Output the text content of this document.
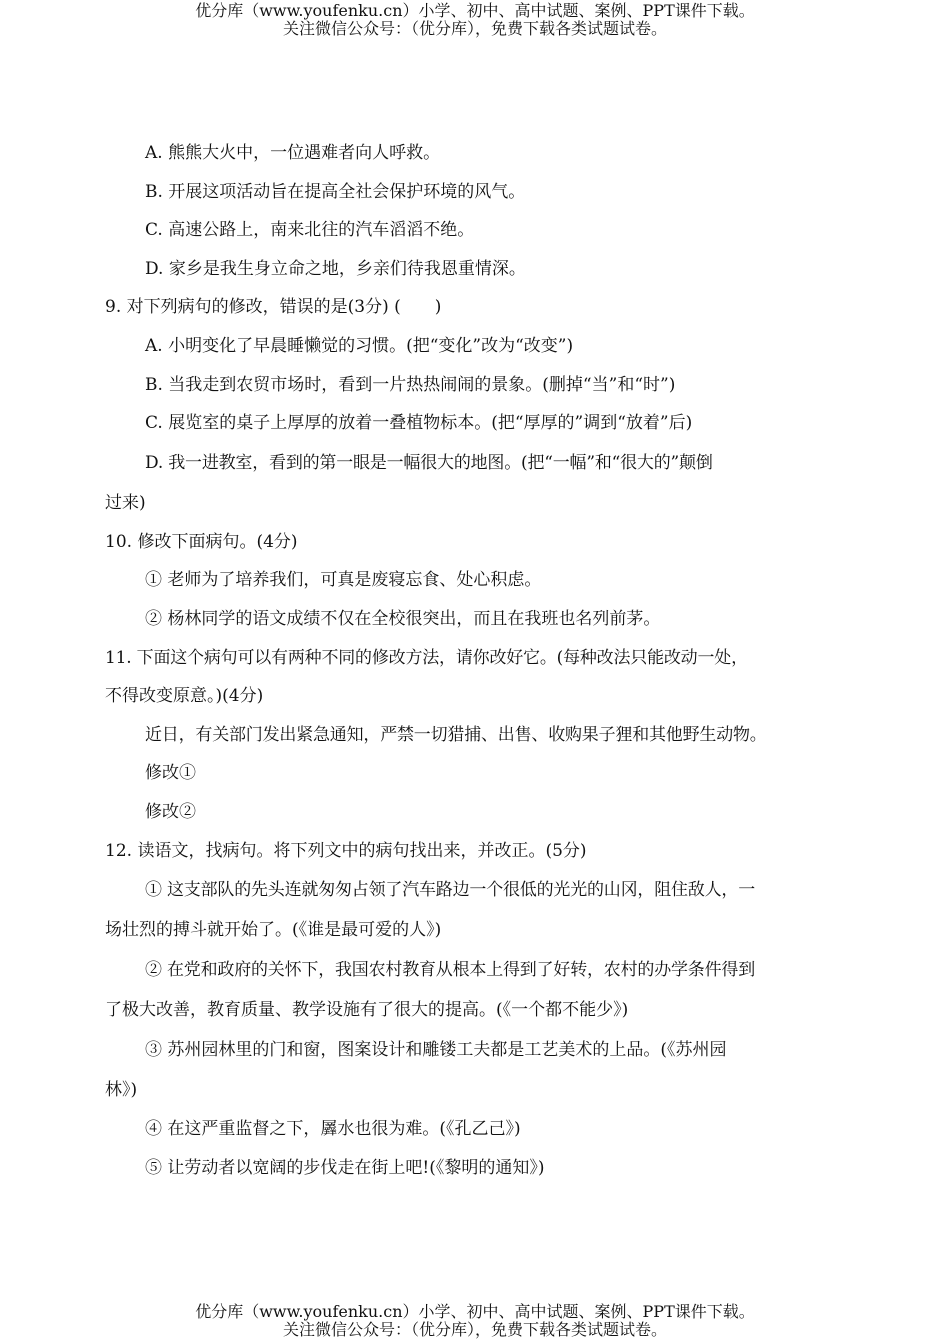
优分库（www.youfenku.cn）小学、初中、高中试题、案例、PPT课件下载。
关注微信公众号：（优分库），免费下载各类试题试卷。
A. 熊熊大火中，一位遇难者向人呼救。
B. 开展这项活动旨在提高全社会保护环境的风气。
C. 高速公路上，南来北往的汽车滔滔不绝。
D. 家乡是我生身立命之地，乡亲们待我恩重情深。
9. 对下列病句的修改，错误的是(3分) (　　)
A. 小明变化了早晨睡懒觉的习惯。(把“变化”改为“改变”)
B. 当我走到农贸市场时，看到一片热热闹闹的景象。(删掉“当”和“时”)
C. 展览室的桌子上厚厚的放着一叠植物标本。(把“厚厚的”调到“放着”后)
D. 我一进教室，看到的第一眼是一幅很大的地图。(把“一幅”和“很大的”颠倒
过来)
10. 修改下面病句。(4分)
① 老师为了培养我们，可真是废寝忘食、处心积虑。
② 杨林同学的语文成绩不仅在全校很突出，而且在我班也名列前茅。
11. 下面这个病句可以有两种不同的修改方法，请你改好它。(每种改法只能改动一处，
不得改变原意。)(4分)
近日，有关部门发出紧急通知，严禁一切猎捕、出售、收购果子狸和其他野生动物。
修改①
修改②
12. 读语文，找病句。将下列文中的病句找出来，并改正。(5分)
① 这支部队的先头连就匆匆占领了汽车路边一个很低的光光的山冈，阻住敌人，一
场壮烈的搏斗就开始了。(《谁是最可爱的人》)
② 在党和政府的关怀下，我国农村教育从根本上得到了好转，农村的办学条件得到
了极大改善，教育质量、教学设施有了很大的提高。(《一个都不能少》)
③ 苏州园林里的门和窗，图案设计和雕镂工夫都是工艺美术的上品。(《苏州园
林》)
④ 在这严重监督之下，羼水也很为难。(《孔乙己》)
⑤ 让劳动者以宽阔的步伐走在街上吧!(《黎明的通知》)
优分库（www.youfenku.cn）小学、初中、高中试题、案例、PPT课件下载。
关注微信公众号：（优分库），免费下载各类试题试卷。
